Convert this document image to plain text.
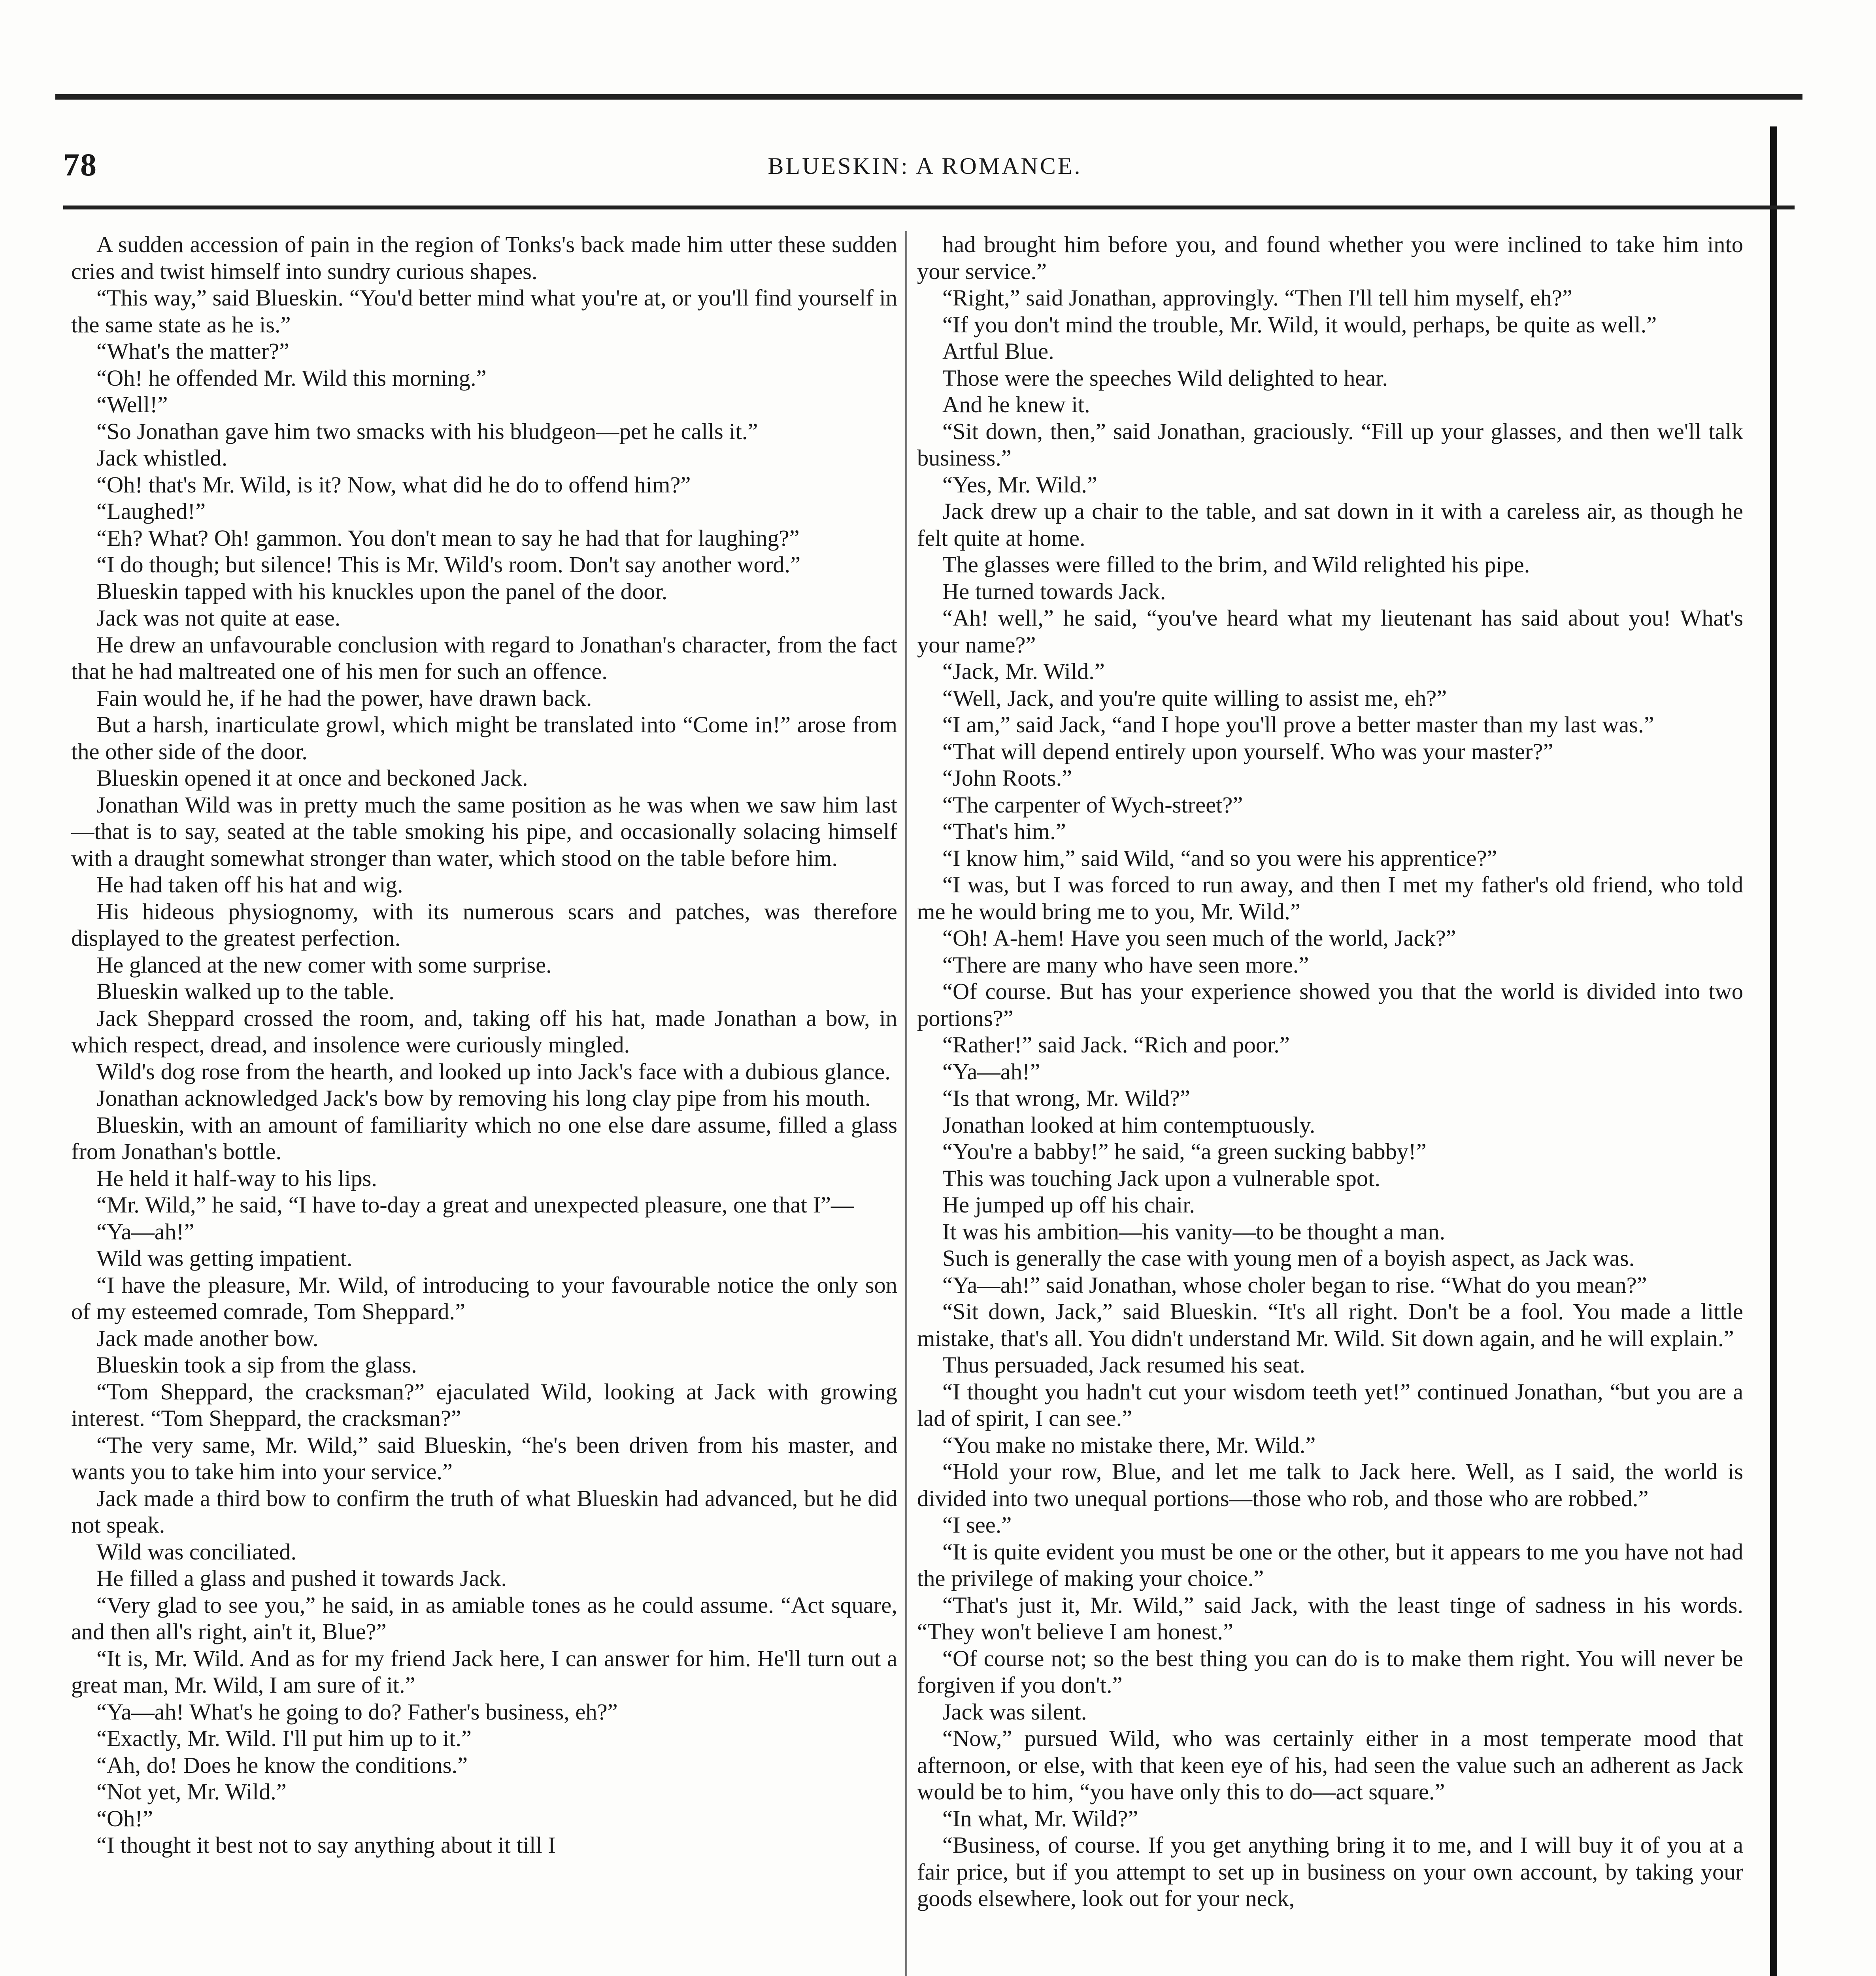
78	BLUESKIN: A ROMANCE.

A sudden accession of pain in the region of Tonks's back made him utter these sudden cries and twist himself into sundry curious shapes.

“This way,” said Blueskin. “You'd better mind what you're at, or you'll find yourself in the same state as he is.”

“What's the matter?”

“Oh! he offended Mr. Wild this morning.”

“Well!”

“So Jonathan gave him two smacks with his bludgeon—pet he calls it.”

Jack whistled.

“Oh! that's Mr. Wild, is it? Now, what did he do to offend him?”

“Laughed!”

“Eh? What? Oh! gammon. You don't mean to say he had that for laughing?”

“I do though; but silence! This is Mr. Wild's room. Don't say another word.”

Blueskin tapped with his knuckles upon the panel of the door.

Jack was not quite at ease.

He drew an unfavourable conclusion with regard to Jonathan's character, from the fact that he had maltreated one of his men for such an offence.

Fain would he, if he had the power, have drawn back.

But a harsh, inarticulate growl, which might be translated into “Come in!” arose from the other side of the door.

Blueskin opened it at once and beckoned Jack.

Jonathan Wild was in pretty much the same position as he was when we saw him last—that is to say, seated at the table smoking his pipe, and occasionally solacing himself with a draught somewhat stronger than water, which stood on the table before him.

He had taken off his hat and wig.

His hideous physiognomy, with its numerous scars and patches, was therefore displayed to the greatest perfection.

He glanced at the new comer with some surprise.

Blueskin walked up to the table.

Jack Sheppard crossed the room, and, taking off his hat, made Jonathan a bow, in which respect, dread, and insolence were curiously mingled.

Wild's dog rose from the hearth, and looked up into Jack's face with a dubious glance.

Jonathan acknowledged Jack's bow by removing his long clay pipe from his mouth.

Blueskin, with an amount of familiarity which no one else dare assume, filled a glass from Jonathan's bottle.

He held it half-way to his lips.

“Mr. Wild,” he said, “I have to-day a great and unexpected pleasure, one that I”—

“Ya—ah!”

Wild was getting impatient.

“I have the pleasure, Mr. Wild, of introducing to your favourable notice the only son of my esteemed comrade, Tom Sheppard.”

Jack made another bow.

Blueskin took a sip from the glass.

“Tom Sheppard, the cracksman?” ejaculated Wild, looking at Jack with growing interest. “Tom Sheppard, the cracksman?”

“The very same, Mr. Wild,” said Blueskin, “he's been driven from his master, and wants you to take him into your service.”

Jack made a third bow to confirm the truth of what Blueskin had advanced, but he did not speak.

Wild was conciliated.

He filled a glass and pushed it towards Jack.

“Very glad to see you,” he said, in as amiable tones as he could assume. “Act square, and then all's right, ain't it, Blue?”

“It is, Mr. Wild. And as for my friend Jack here, I can answer for him. He'll turn out a great man, Mr. Wild, I am sure of it.”

“Ya—ah! What's he going to do? Father's business, eh?”

“Exactly, Mr. Wild. I'll put him up to it.”

“Ah, do! Does he know the conditions.”

“Not yet, Mr. Wild.”

“Oh!”

“I thought it best not to say anything about it till I

had brought him before you, and found whether you were inclined to take him into your service.”

“Right,” said Jonathan, approvingly. “Then I'll tell him myself, eh?”

“If you don't mind the trouble, Mr. Wild, it would, perhaps, be quite as well.”

Artful Blue.

Those were the speeches Wild delighted to hear.

And he knew it.

“Sit down, then,” said Jonathan, graciously. “Fill up your glasses, and then we'll talk business.”

“Yes, Mr. Wild.”

Jack drew up a chair to the table, and sat down in it with a careless air, as though he felt quite at home.

The glasses were filled to the brim, and Wild relighted his pipe.

He turned towards Jack.

“Ah! well,” he said, “you've heard what my lieutenant has said about you! What's your name?”

“Jack, Mr. Wild.”

“Well, Jack, and you're quite willing to assist me, eh?”

“I am,” said Jack, “and I hope you'll prove a better master than my last was.”

“That will depend entirely upon yourself. Who was your master?”

“John Roots.”

“The carpenter of Wych-street?”

“That's him.”

“I know him,” said Wild, “and so you were his apprentice?”

“I was, but I was forced to run away, and then I met my father's old friend, who told me he would bring me to you, Mr. Wild.”

“Oh! A-hem! Have you seen much of the world, Jack?”

“There are many who have seen more.”

“Of course. But has your experience showed you that the world is divided into two portions?”

“Rather!” said Jack. “Rich and poor.”

“Ya—ah!”

“Is that wrong, Mr. Wild?”

Jonathan looked at him contemptuously.

“You're a babby!” he said, “a green sucking babby!”

This was touching Jack upon a vulnerable spot.

He jumped up off his chair.

It was his ambition—his vanity—to be thought a man.

Such is generally the case with young men of a boyish aspect, as Jack was.

“Ya—ah!” said Jonathan, whose choler began to rise. “What do you mean?”

“Sit down, Jack,” said Blueskin. “It's all right. Don't be a fool. You made a little mistake, that's all. You didn't understand Mr. Wild. Sit down again, and he will explain.”

Thus persuaded, Jack resumed his seat.

“I thought you hadn't cut your wisdom teeth yet!” continued Jonathan, “but you are a lad of spirit, I can see.”

“You make no mistake there, Mr. Wild.”

“Hold your row, Blue, and let me talk to Jack here. Well, as I said, the world is divided into two unequal portions—those who rob, and those who are robbed.”

“I see.”

“It is quite evident you must be one or the other, but it appears to me you have not had the privilege of making your choice.”

“That's just it, Mr. Wild,” said Jack, with the least tinge of sadness in his words. “They won't believe I am honest.”

“Of course not; so the best thing you can do is to make them right. You will never be forgiven if you don't.”

Jack was silent.

“Now,” pursued Wild, who was certainly either in a most temperate mood that afternoon, or else, with that keen eye of his, had seen the value such an adherent as Jack would be to him, “you have only this to do—act square.”

“In what, Mr. Wild?”

“Business, of course. If you get anything bring it to me, and I will buy it of you at a fair price, but if you attempt to set up in business on your own account, by taking your goods elsewhere, look out for your neck,
